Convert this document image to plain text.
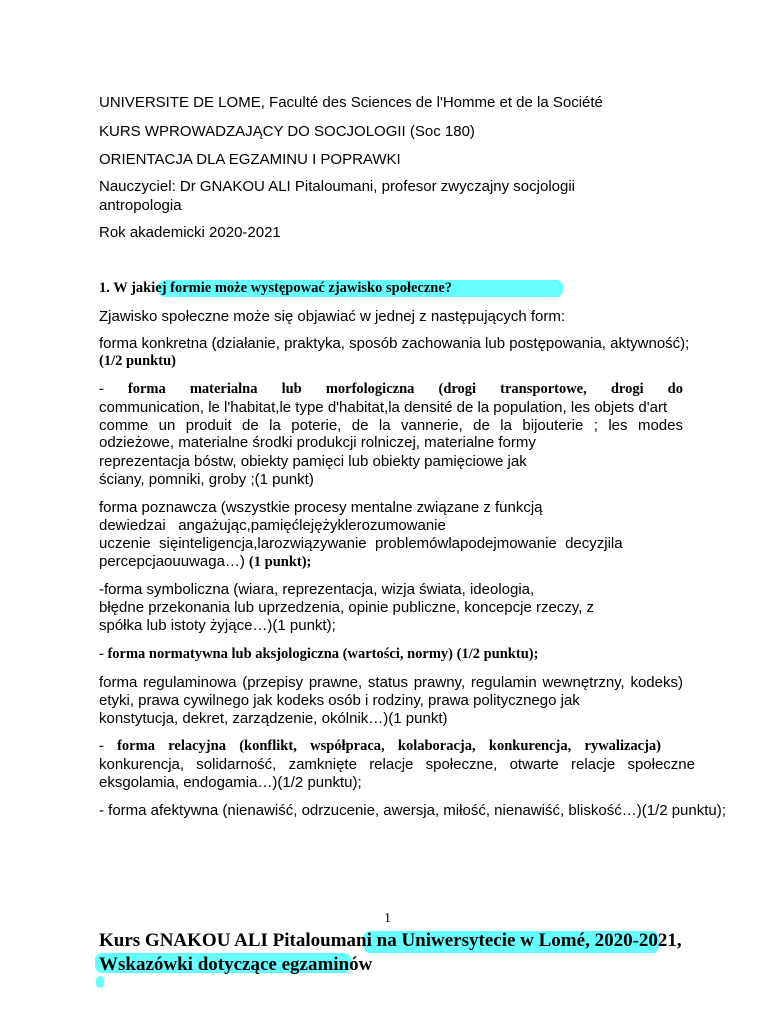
UNIVERSITE DE LOME, Faculté des Sciences de l'Homme et de la Société
KURS WPROWADZAJĄCY DO SOCJOLOGII (Soc 180)
ORIENTACJA DLA EGZAMINU I POPRAWKI
Nauczyciel: Dr GNAKOU ALI Pitaloumani, profesor zwyczajny socjologii
antropologia
Rok akademicki 2020-2021
1. W jakiej formie może występować zjawisko społeczne?
Zjawisko społeczne może się objawiać w jednej z następujących form:
forma konkretna (działanie, praktyka, sposób zachowania lub postępowania, aktywność);
(1/2 punktu)
- forma materialna lub morfologiczna (drogi transportowe, drogi do
communication, le l'habitat,le type d'habitat,la densité de la population, les objets d'art
comme un produit de la poterie, de la vannerie, de la bijouterie ; les modes
odzieżowe, materialne środki produkcji rolniczej, materialne formy
reprezentacja bóstw, obiekty pamięci lub obiekty pamięciowe jak
ściany, pomniki, groby ;(1 punkt)
forma poznawcza (wszystkie procesy mentalne związane z funkcją
dewiedzai   angażując,pamięćlejężyklerozumowanie
uczenie  sięinteligencja,larozwiązywanie  problemówlapodejmowanie  decyzjila
percepcjaouuwaga…) (1 punkt);
-forma symboliczna (wiara, reprezentacja, wizja świata, ideologia,
błędne przekonania lub uprzedzenia, opinie publiczne, koncepcje rzeczy, z
spółka lub istoty żyjące…)(1 punkt);
- forma normatywna lub aksjologiczna (wartości, normy) (1/2 punktu);
forma regulaminowa (przepisy prawne, status prawny, regulamin wewnętrzny, kodeks)
etyki, prawa cywilnego jak kodeks osób i rodziny, prawa politycznego jak
konstytucja, dekret, zarządzenie, okólnik…)(1 punkt)
- forma relacyjna (konflikt, współpraca, kolaboracja, konkurencja, rywalizacja)
konkurencja, solidarność, zamknięte relacje społeczne, otwarte relacje społeczne
eksgolamia, endogamia…)(1/2 punktu);
- forma afektywna (nienawiść, odrzucenie, awersja, miłość, nienawiść, bliskość…)(1/2 punktu);
1
Kurs GNAKOU ALI Pitaloumani na Uniwersytecie w Lomé, 2020-2021,
Wskazówki dotyczące egzaminów
